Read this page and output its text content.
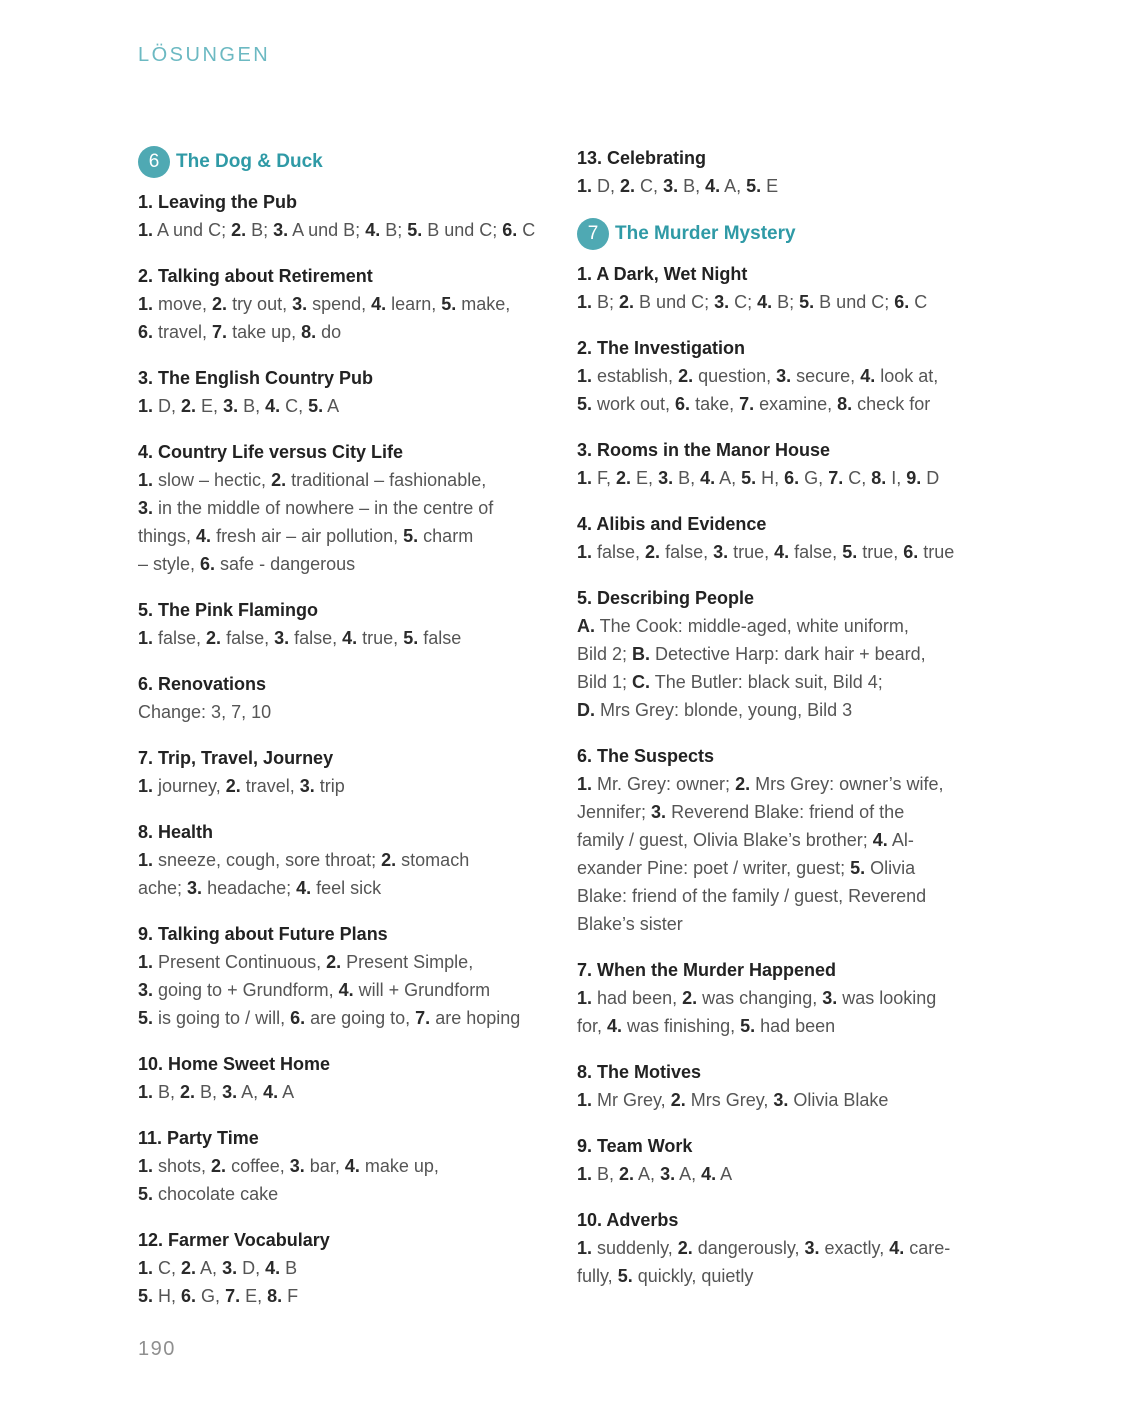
LÖSUNGEN
6 The Dog & Duck
1. Leaving the Pub
1. A und C; 2. B; 3. A und B; 4. B; 5. B und C; 6. C
2. Talking about Retirement
1. move, 2. try out, 3. spend, 4. learn, 5. make,
6. travel, 7. take up, 8. do
3. The English Country Pub
1. D, 2. E, 3. B, 4. C, 5. A
4. Country Life versus City Life
1. slow – hectic, 2. traditional – fashionable,
3. in the middle of nowhere – in the centre of
things, 4. fresh air – air pollution, 5. charm
– style, 6. safe - dangerous
5. The Pink Flamingo
1. false, 2. false, 3. false, 4. true, 5. false
6. Renovations
Change: 3, 7, 10
7. Trip, Travel, Journey
1. journey, 2. travel, 3. trip
8. Health
1. sneeze, cough, sore throat; 2. stomach
ache; 3. headache; 4. feel sick
9. Talking about Future Plans
1. Present Continuous, 2. Present Simple,
3. going to + Grundform, 4. will + Grundform
5. is going to / will, 6. are going to, 7. are hoping
10. Home Sweet Home
1. B, 2. B, 3. A, 4. A
11. Party Time
1. shots, 2. coffee, 3. bar, 4. make up,
5. chocolate cake
12. Farmer Vocabulary
1. C, 2. A, 3. D, 4. B
5. H, 6. G, 7. E, 8. F
13. Celebrating
1. D, 2. C, 3. B, 4. A, 5. E
7 The Murder Mystery
1. A Dark, Wet Night
1. B; 2. B und C; 3. C; 4. B; 5. B und C; 6. C
2. The Investigation
1. establish, 2. question, 3. secure, 4. look at,
5. work out, 6. take, 7. examine, 8. check for
3. Rooms in the Manor House
1. F, 2. E, 3. B, 4. A, 5. H, 6. G, 7. C, 8. I, 9. D
4. Alibis and Evidence
1. false, 2. false, 3. true, 4. false, 5. true, 6. true
5. Describing People
A. The Cook: middle-aged, white uniform,
Bild 2; B. Detective Harp: dark hair + beard,
Bild 1; C. The Butler: black suit, Bild 4;
D. Mrs Grey: blonde, young, Bild 3
6. The Suspects
1. Mr. Grey: owner; 2. Mrs Grey: owner’s wife,
Jennifer; 3. Reverend Blake: friend of the
family / guest, Olivia Blake’s brother; 4. Al-
exander Pine: poet / writer, guest; 5. Olivia
Blake: friend of the family / guest, Reverend
Blake’s sister
7. When the Murder Happened
1. had been, 2. was changing, 3. was looking
for, 4. was finishing, 5. had been
8. The Motives
1. Mr Grey, 2. Mrs Grey, 3. Olivia Blake
9. Team Work
1. B, 2. A, 3. A, 4. A
10. Adverbs
1. suddenly, 2. dangerously, 3. exactly, 4. care-
fully, 5. quickly, quietly
190
